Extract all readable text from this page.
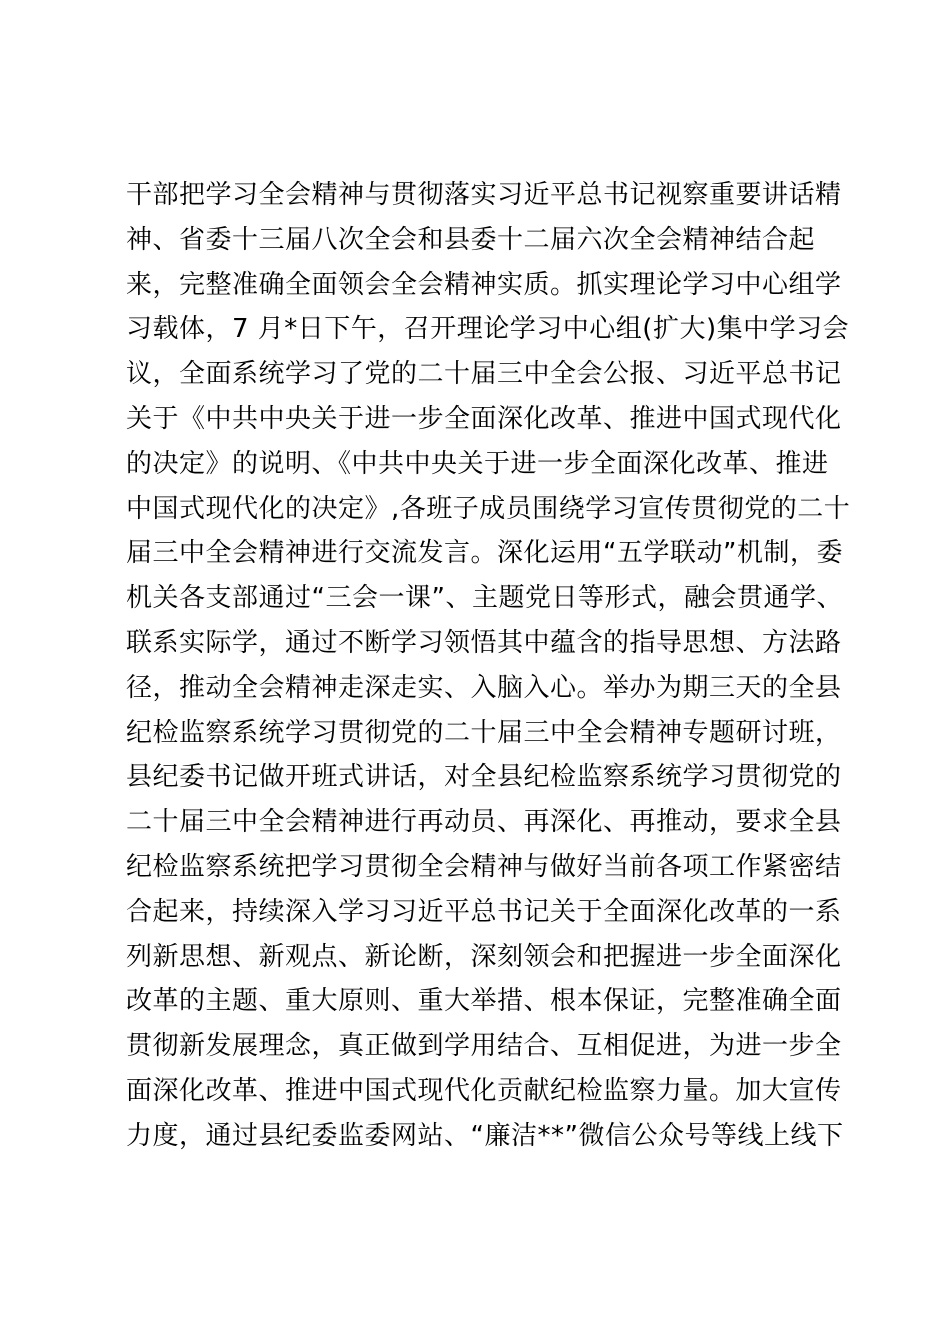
干部把学习全会精神与贯彻落实习近平总书记视察重要讲话精
神、省委十三届八次全会和县委十二届六次全会精神结合起
来，完整准确全面领会全会精神实质。抓实理论学习中心组学
习载体，7 月*日下午，召开理论学习中心组(扩大)集中学习会
议，全面系统学习了党的二十届三中全会公报、习近平总书记
关于《中共中央关于进一步全面深化改革、推进中国式现代化
的决定》的说明、《中共中央关于进一步全面深化改革、推进
中国式现代化的决定》,各班子成员围绕学习宣传贯彻党的二十
届三中全会精神进行交流发言。深化运用“五学联动”机制，委
机关各支部通过“三会一课”、主题党日等形式，融会贯通学、
联系实际学，通过不断学习领悟其中蕴含的指导思想、方法路
径，推动全会精神走深走实、入脑入心。举办为期三天的全县
纪检监察系统学习贯彻党的二十届三中全会精神专题研讨班，
县纪委书记做开班式讲话，对全县纪检监察系统学习贯彻党的
二十届三中全会精神进行再动员、再深化、再推动，要求全县
纪检监察系统把学习贯彻全会精神与做好当前各项工作紧密结
合起来，持续深入学习习近平总书记关于全面深化改革的一系
列新思想、新观点、新论断，深刻领会和把握进一步全面深化
改革的主题、重大原则、重大举措、根本保证，完整准确全面
贯彻新发展理念，真正做到学用结合、互相促进，为进一步全
面深化改革、推进中国式现代化贡献纪检监察力量。加大宣传
力度，通过县纪委监委网站、“廉洁**”微信公众号等线上线下
